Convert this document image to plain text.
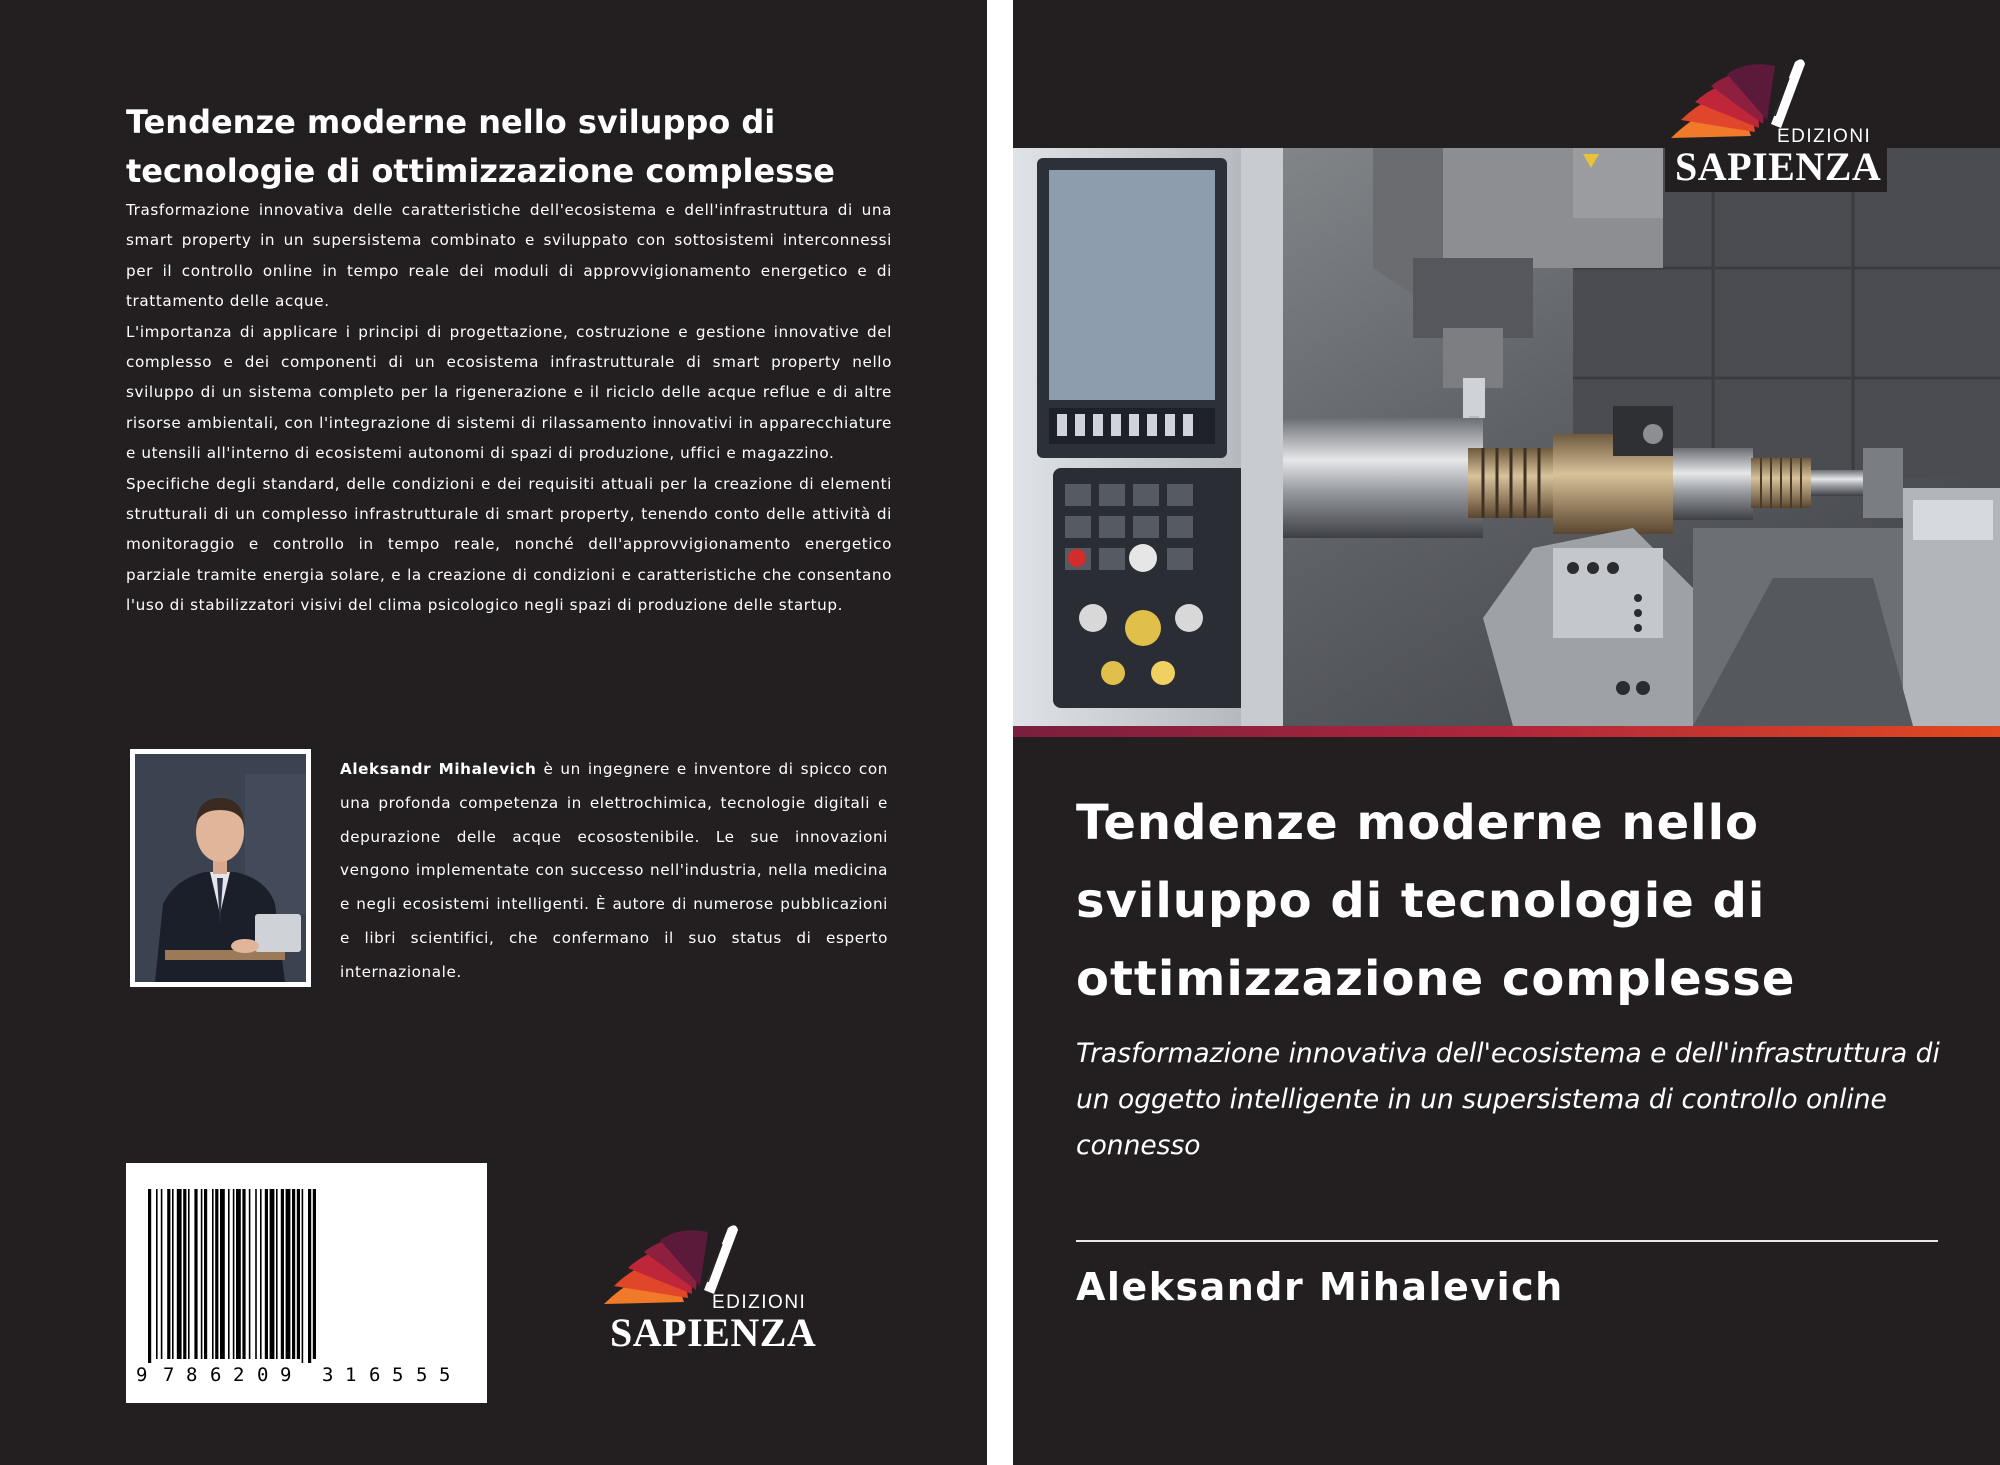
Tendenze moderne nello sviluppo di tecnologie di ottimizzazione complesse

Trasformazione innovativa delle caratteristiche dell'ecosistema e dell'infrastruttura di una smart property in un supersistema combinato e sviluppato con sottosistemi interconnessi per il controllo online in tempo reale dei moduli di approvvigionamento energetico e di trattamento delle acque.

L'importanza di applicare i principi di progettazione, costruzione e gestione innovative del complesso e dei componenti di un ecosistema infrastrutturale di smart property nello sviluppo di un sistema completo per la rigenerazione e il riciclo delle acque reflue e di altre risorse ambientali, con l'integrazione di sistemi di rilassamento innovativi in apparecchiature e utensili all'interno di ecosistemi autonomi di spazi di produzione, uffici e magazzino.

Specifiche degli standard, delle condizioni e dei requisiti attuali per la creazione di elementi strutturali di un complesso infrastrutturale di smart property, tenendo conto delle attività di monitoraggio e controllo in tempo reale, nonché dell'approvvigionamento energetico parziale tramite energia solare, e la creazione di condizioni e caratteristiche che consentano l'uso di stabilizzatori visivi del clima psicologico negli spazi di produzione delle startup.

Aleksandr Mihalevich è un ingegnere e inventore di spicco con una profonda competenza in elettrochimica, tecnologie digitali e depurazione delle acque ecosostenibile. Le sue innovazioni vengono implementate con successo nell'industria, nella medicina e negli ecosistemi intelligenti. È autore di numerose pubblicazioni e libri scientifici, che confermano il suo status di esperto internazionale.

9 7 8 6 2 0 9 3 1 6 5 5 5
EDIZIONI
SAPIENZA
EDIZIONI
SAPIENZA
Tendenze moderne nello sviluppo di tecnologie di ottimizzazione complesse

Trasformazione innovativa dell'ecosistema e dell'infrastruttura di un oggetto intelligente in un supersistema di controllo online connesso

Aleksandr Mihalevich
